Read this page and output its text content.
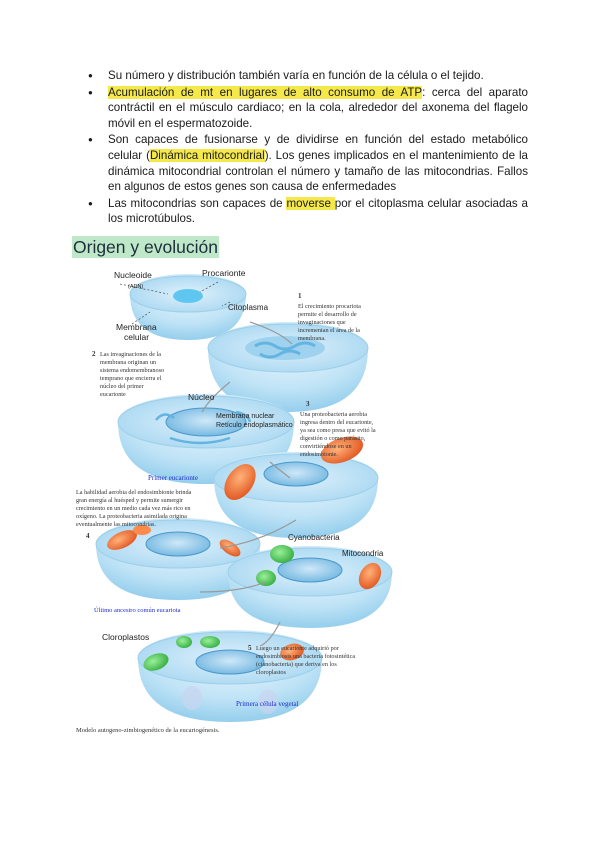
● Su número y distribución también varía en función de la célula o el tejido.
● Acumulación de mt en lugares de alto consumo de ATP: cerca del aparato contráctil en el músculo cardiaco; en la cola, alrededor del axonema del flagelo móvil en el espermatozoide.
● Son capaces de fusionarse y de dividirse en función del estado metabólico celular (Dinámica mitocondrial). Los genes implicados en el mantenimiento de la dinámica mitocondrial controlan el número y tamaño de las mitocondrias. Fallos en algunos de estos genes son causa de enfermedades
● Las mitocondrias son capaces de moverse por el citoplasma celular asociadas a los microtúbulos.
Origen y evolución
Nucleoide
(ADN)
Procarionte
Citoplasma
Membrana
celular
Núcleo
Membrana nuclear
Retículo endoplasmático
Primer eucarionte
Cyanobacteria
Mitocondria
Último ancestro común eucariota
Cloroplastos
Primera célula vegetal
Modelo autogeno-zimbiogenético de la eucariogénesis.
1
El crecimiento procariota permite el desarrollo de invaginaciones que incrementan el área de la membrana.
2 Las invaginaciones de la membrana originan un sistema endomembranoso temprano que encierra el núcleo del primer eucarionte
3
Una proteobacteria aerobia ingresa dentro del eucarionte, ya sea como presa que evitó la digestión o como parásito, convirtiéndose en un endosimbionte.
La habilidad aerobia del endosimbionte brinda gran energía al huésped y permite sumergir crecimiento en un medio cada vez más rico en oxígeno. La proteobacteria asimilada origina eventualmente las mitocondrias.
4
5 Luego un eucarionte adquirió por endosimbiosis una bacteria fotosintética (cianobacteria) que deriva en los cloroplastos
